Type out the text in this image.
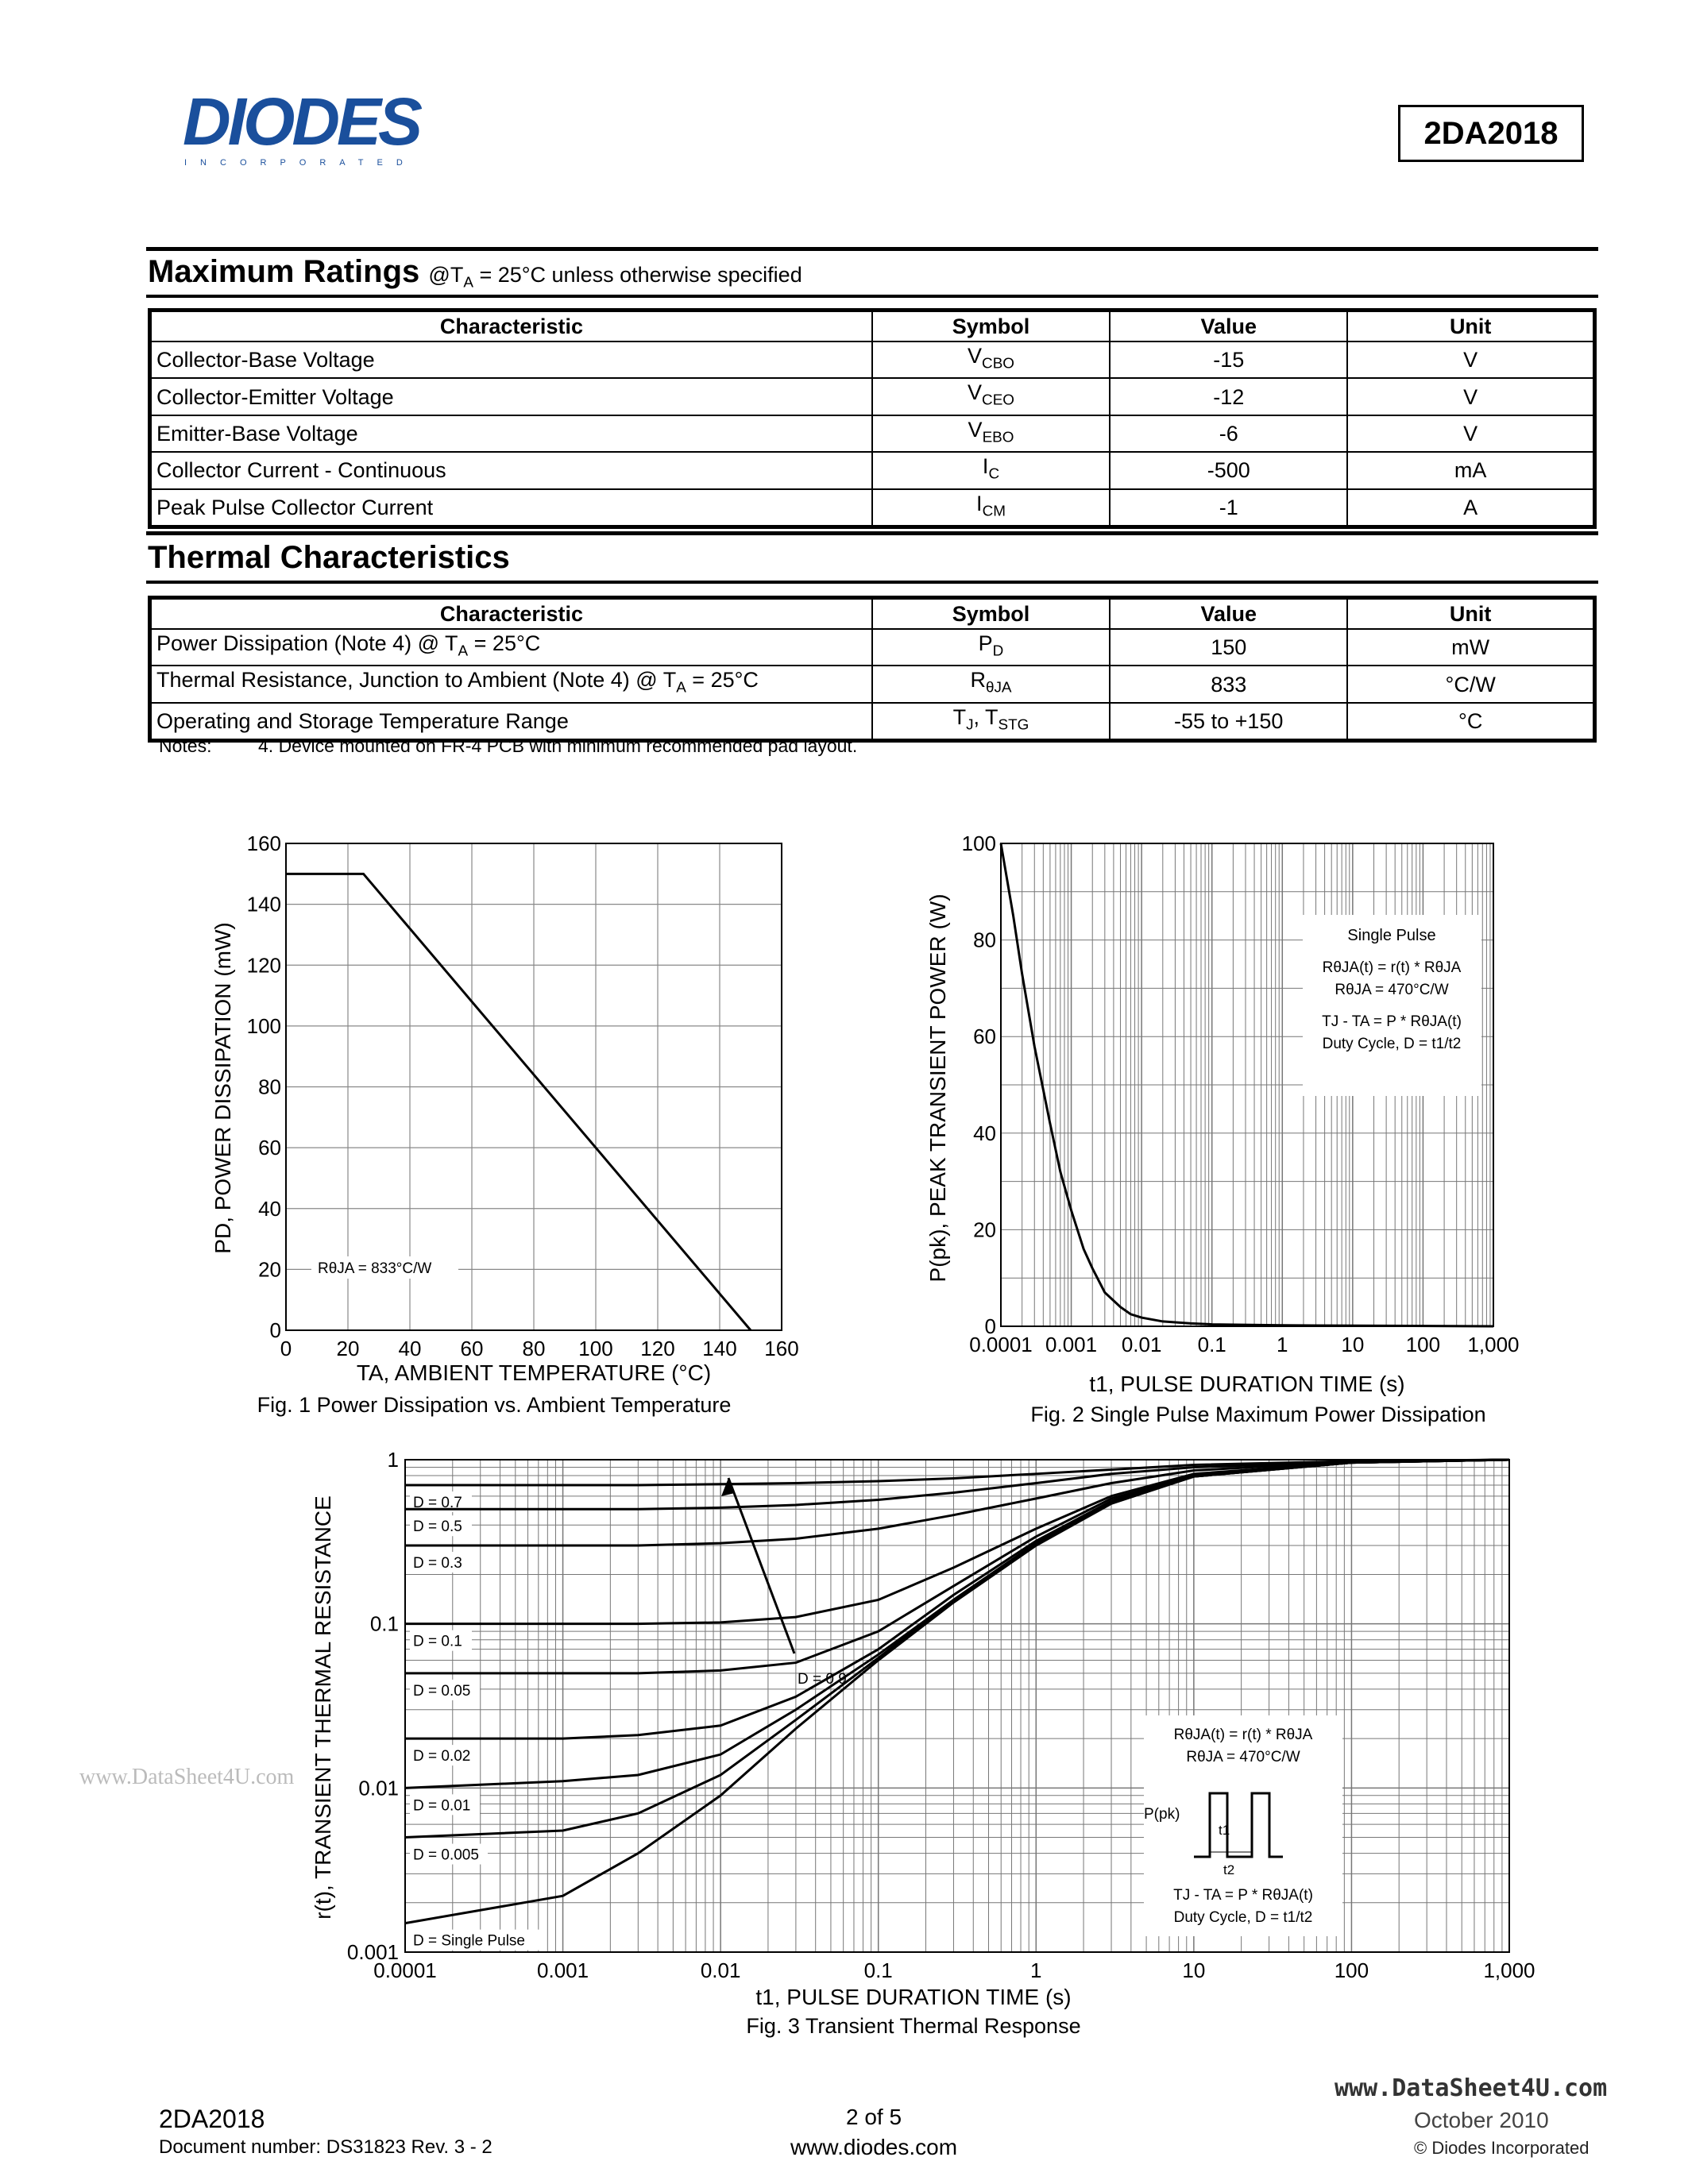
DIODES
INCORPORATED
2DA2018
Maximum Ratings $@T_A = 25^\circ C$ unless otherwise specified
Characteristic	Symbol	Value	Unit
Collector-Base Voltage	$V_{CBO}$	-15	V
Collector-Emitter Voltage	$V_{CEO}$	-12	V
Emitter-Base Voltage	$V_{EBO}$	-6	V
Collector Current - Continuous	$I_C$	-500	mA
Peak Pulse Collector Current	$I_{CM}$	-1	A
Thermal Characteristics
Characteristic	Symbol	Value	Unit
Power Dissipation (Note 4) @ $T_A = 25^\circ C$	$P_D$	150	mW
Thermal Resistance, Junction to Ambient (Note 4) @ $T_A = 25^\circ C$	$R_{\theta JA}$	833	°C/W
Operating and Storage Temperature Range	$T_J$, $T_{STG}$	-55 to +150	°C
Notes:	4. Device mounted on FR-4 PCB with minimum recommended pad layout.
0 20 40 60 80 100 120 140 160
0
20
40
60
80
100
120
140
160
RθJA = 833°C/W
TA, AMBIENT TEMPERATURE (°C)
PD, POWER DISSIPATION (mW)
Fig. 1 Power Dissipation vs. Ambient Temperature
0.0001 0.001 0.01 0.1 1	10 100 1,000
0
20
40
60
80
100
Single Pulse
RθJA(t) = r(t) * RθJA
RθJA = 470°C/W
TJ - TA = P * RθJA(t)
Duty Cycle, D = t1/t2
t1, PULSE DURATION TIME (s)
P(pk), PEAK TRANSIENT POWER (W)
Fig. 2 Single Pulse Maximum Power Dissipation
0.0001	0.001	0.01	0.1	1	10	100	1,000
0.001
0.01
0.1
1
D = 0.7
D = 0.5
D = 0.3
D = 0.1
D = 0.05
D = 0.02
D = 0.01
D = 0.005
D = Single Pulse
D = 0.9
RθJA(t) = r(t) * RθJA
RθJA = 470°C/W
P(pk)
t1
t2
TJ - TA = P * RθJA(t)
Duty Cycle, D = t1/t2
t1, PULSE DURATION TIME (s)
r(t), TRANSIENT THERMAL RESISTANCE
Fig. 3 Transient Thermal Response
www.DataSheet4U.com
2DA2018
Document number: DS31823 Rev. 3 - 2
2 of 5
www.diodes.com
www.DataSheet4U.com
October 2010
© Diodes Incorporated
